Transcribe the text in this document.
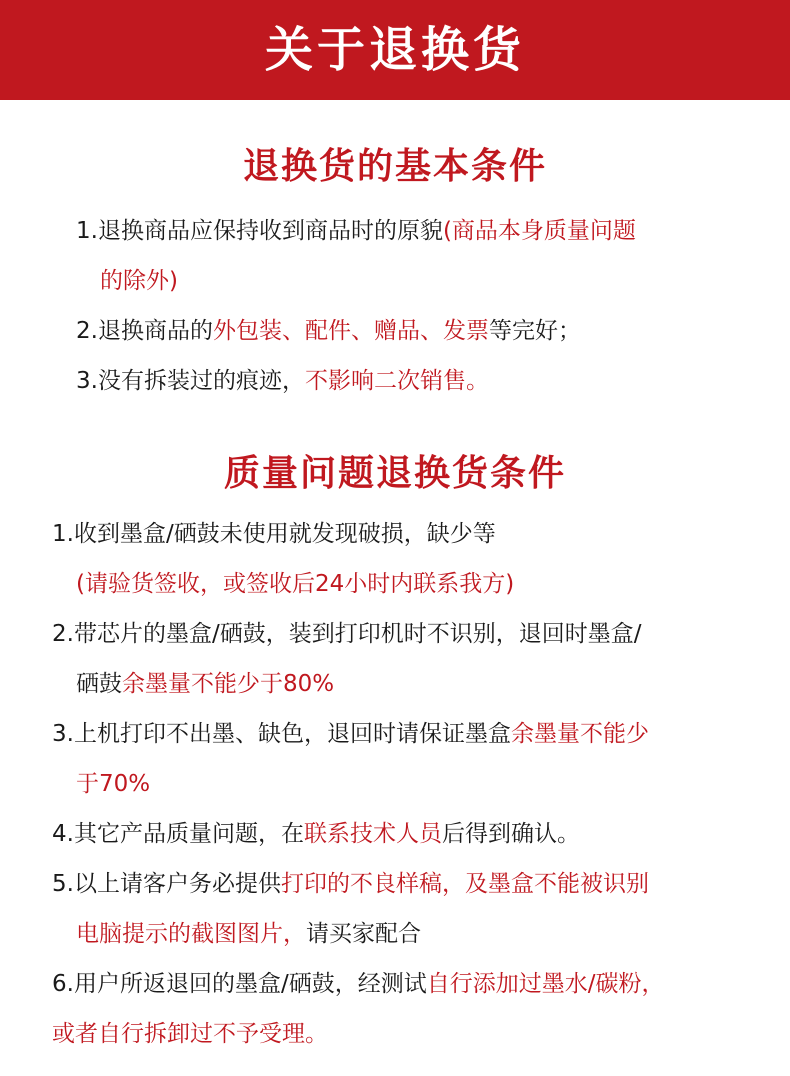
关于退换货
退换货的基本条件
1.退换商品应保持收到商品时的原貌(商品本身质量问题
的除外)
2.退换商品的外包装、配件、赠品、发票等完好；
3.没有拆装过的痕迹，不影响二次销售。
质量问题退换货条件
1.收到墨盒/硒鼓未使用就发现破损，缺少等
(请验货签收，或签收后24小时内联系我方)
2.带芯片的墨盒/硒鼓，装到打印机时不识别，退回时墨盒/
硒鼓余墨量不能少于80%
3.上机打印不出墨、缺色，退回时请保证墨盒余墨量不能少
于70%
4.其它产品质量问题，在联系技术人员后得到确认。
5.以上请客户务必提供打印的不良样稿，及墨盒不能被识别
电脑提示的截图图片，请买家配合
6.用户所返退回的墨盒/硒鼓，经测试自行添加过墨水/碳粉，
或者自行拆卸过不予受理。
